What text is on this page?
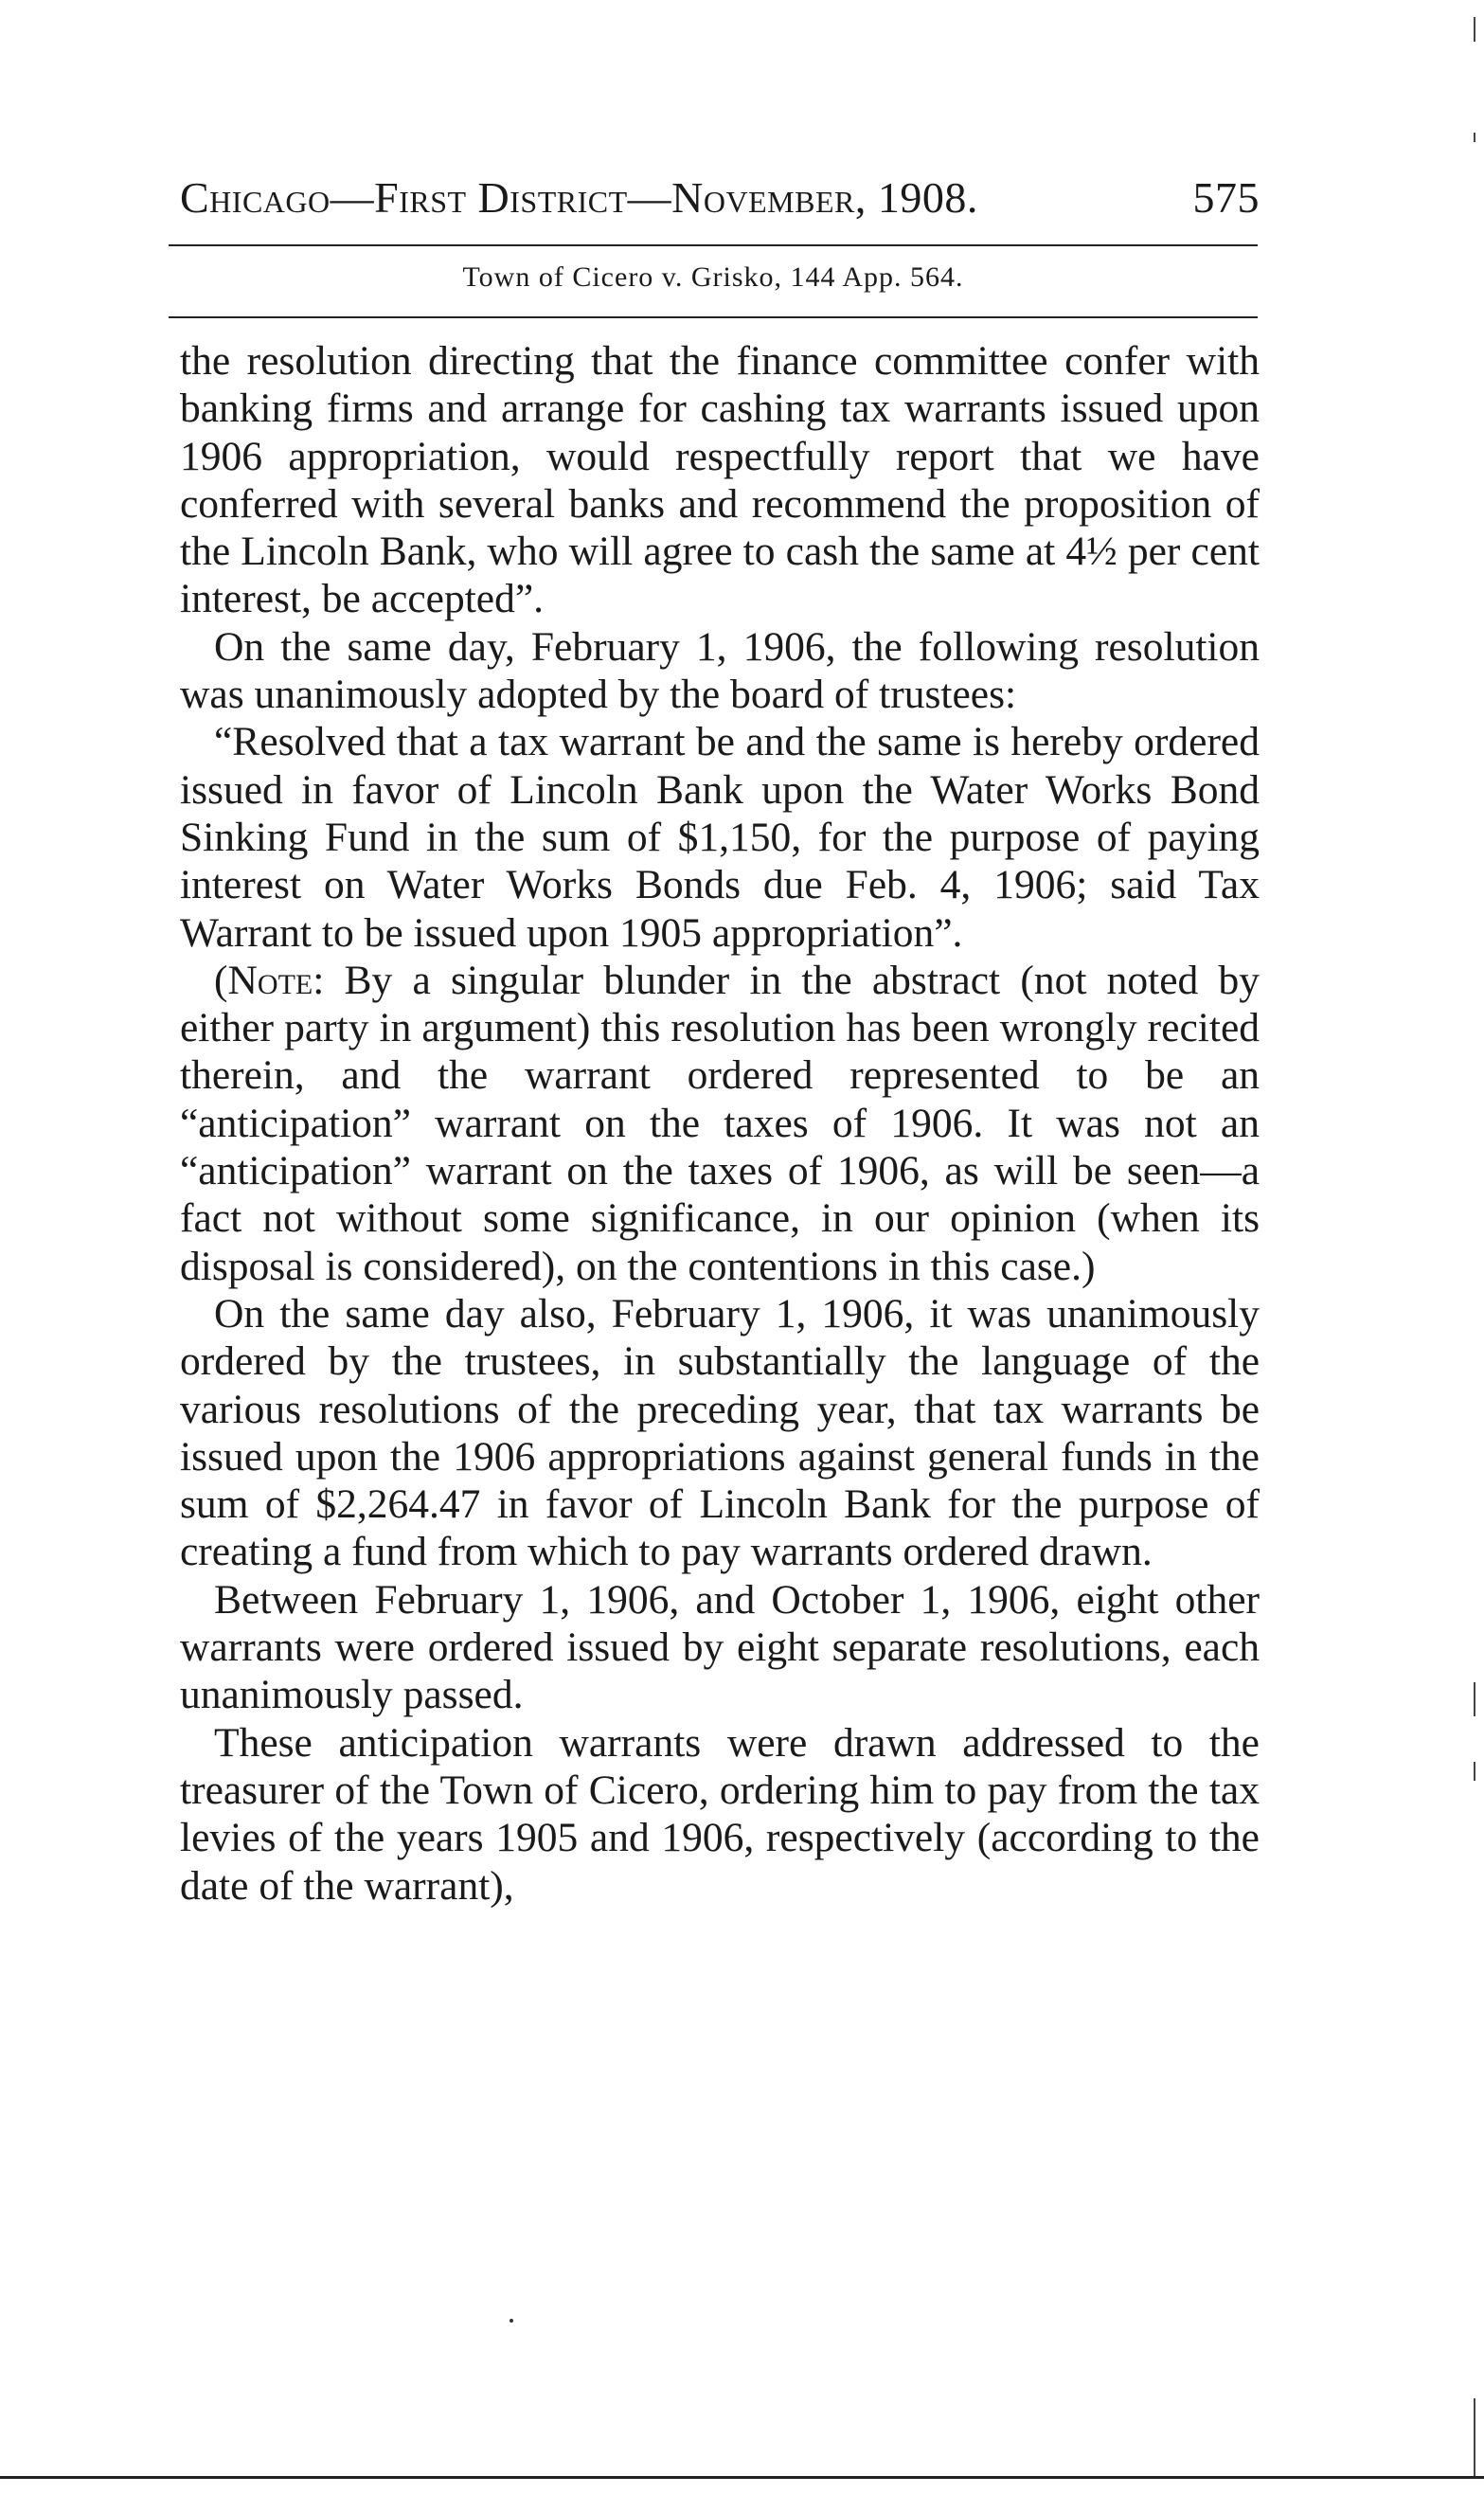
Chicago—First District—November, 1908.	575
Town of Cicero v. Grisko, 144 App. 564.

the resolution directing that the finance committee confer with banking firms and arrange for cashing tax warrants issued upon 1906 appropriation, would respectfully report that we have conferred with several banks and recommend the proposition of the Lincoln Bank, who will agree to cash the same at 4½ per cent interest, be accepted”.

On the same day, February 1, 1906, the following resolution was unanimously adopted by the board of trustees:

“Resolved that a tax warrant be and the same is hereby ordered issued in favor of Lincoln Bank upon the Water Works Bond Sinking Fund in the sum of $1,150, for the purpose of paying interest on Water Works Bonds due Feb. 4, 1906; said Tax Warrant to be issued upon 1905 appropriation”.

(Note: By a singular blunder in the abstract (not noted by either party in argument) this resolution has been wrongly recited therein, and the warrant ordered represented to be an “anticipation” warrant on the taxes of 1906. It was not an “anticipation” warrant on the taxes of 1906, as will be seen—a fact not without some significance, in our opinion (when its disposal is considered), on the contentions in this case.)

On the same day also, February 1, 1906, it was unanimously ordered by the trustees, in substantially the language of the various resolutions of the preceding year, that tax warrants be issued upon the 1906 appropriations against general funds in the sum of $2,264.47 in favor of Lincoln Bank for the purpose of creating a fund from which to pay warrants ordered drawn.

Between February 1, 1906, and October 1, 1906, eight other warrants were ordered issued by eight separate resolutions, each unanimously passed.

These anticipation warrants were drawn addressed to the treasurer of the Town of Cicero, ordering him to pay from the tax levies of the years 1905 and 1906, respectively (according to the date of the warrant),
